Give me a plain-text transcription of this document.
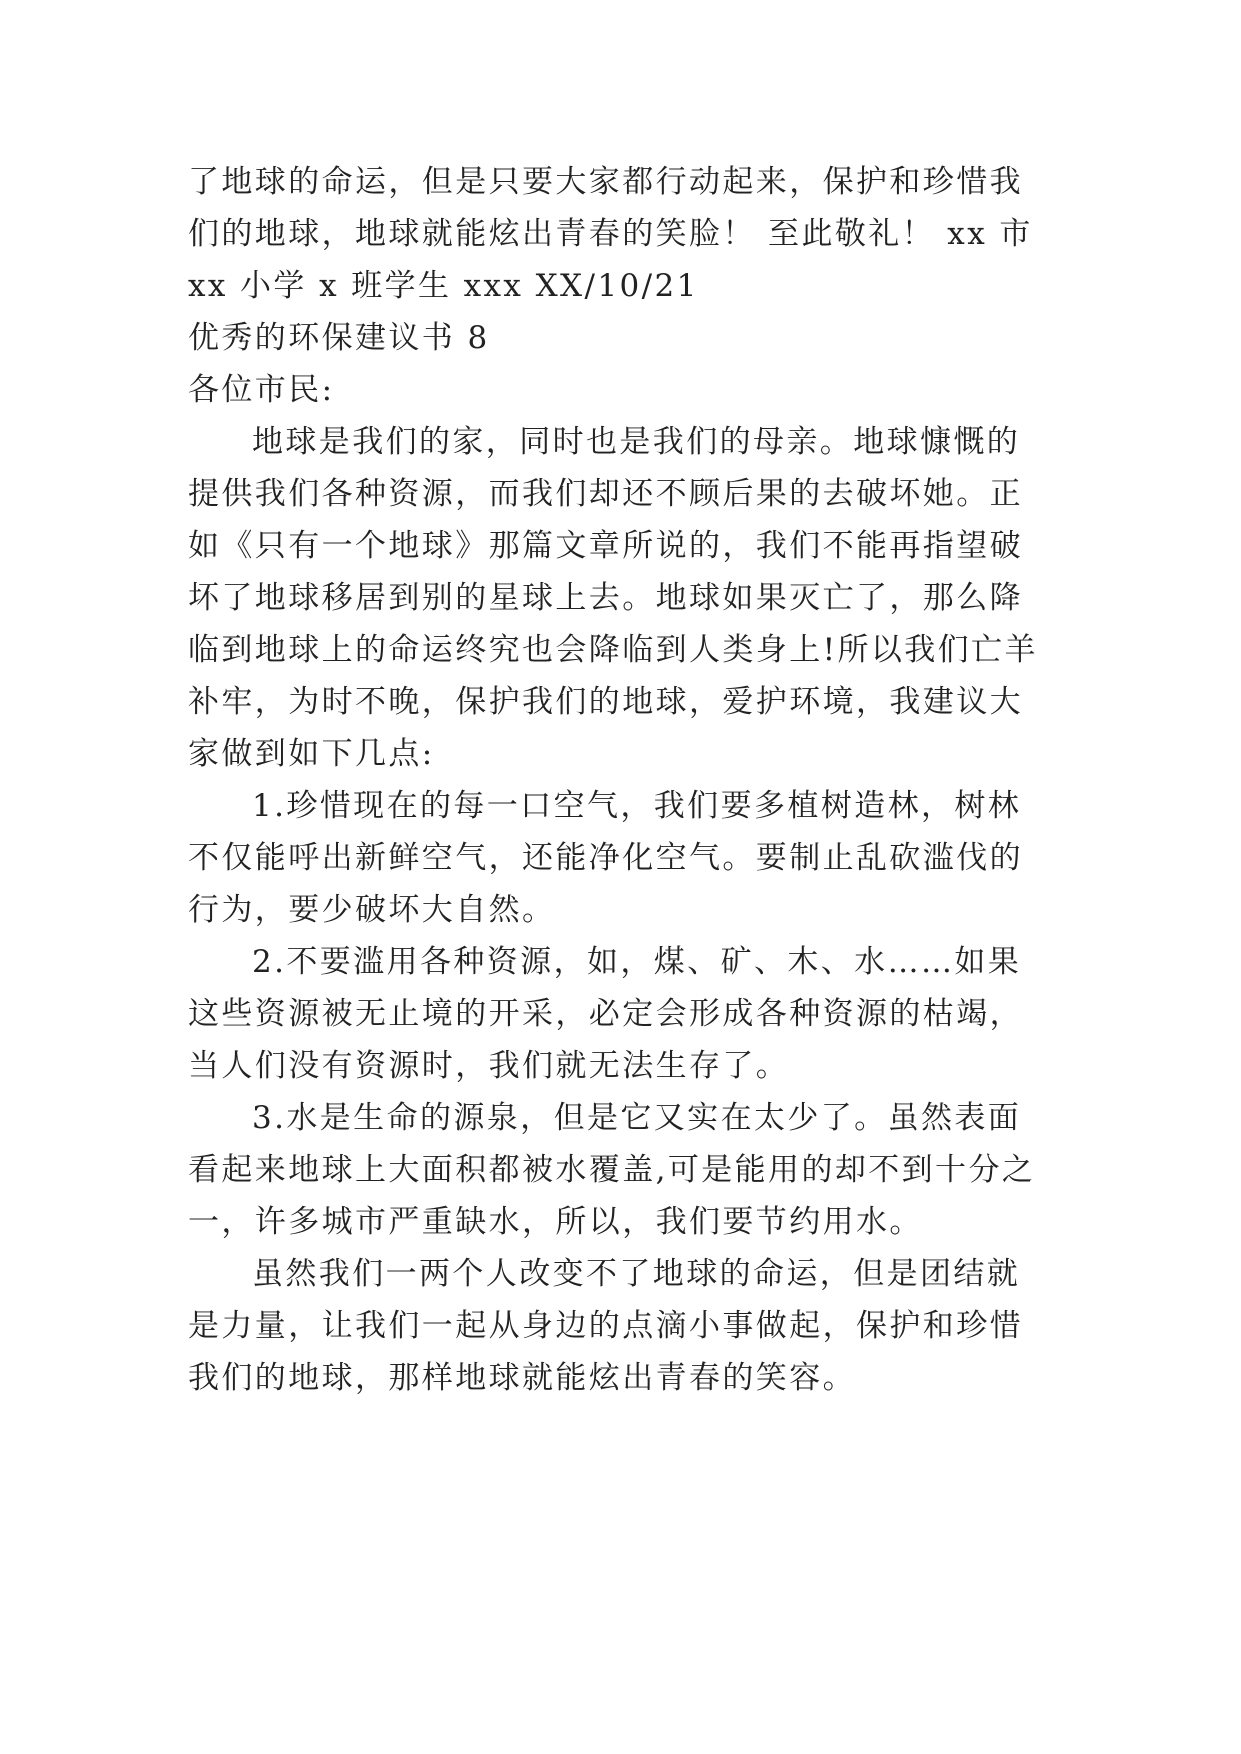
了地球的命运，但是只要大家都行动起来，保护和珍惜我们的地球，地球就能炫出青春的笑脸！ 至此敬礼！ xx 市 xx 小学 x 班学生 xxx XX/10/21

优秀的环保建议书 8

各位市民:

地球是我们的家，同时也是我们的母亲。地球慷慨的提供我们各种资源，而我们却还不顾后果的去破坏她。正如《只有一个地球》那篇文章所说的，我们不能再指望破坏了地球移居到别的星球上去。地球如果灭亡了，那么降临到地球上的命运终究也会降临到人类身上!所以我们亡羊补牢，为时不晚，保护我们的地球，爱护环境，我建议大家做到如下几点:

1.珍惜现在的每一口空气，我们要多植树造林，树林不仅能呼出新鲜空气，还能净化空气。要制止乱砍滥伐的行为，要少破坏大自然。

2.不要滥用各种资源，如，煤、矿、木、水……如果这些资源被无止境的开采，必定会形成各种资源的枯竭，当人们没有资源时，我们就无法生存了。

3.水是生命的源泉，但是它又实在太少了。虽然表面看起来地球上大面积都被水覆盖,可是能用的却不到十分之一，许多城市严重缺水，所以，我们要节约用水。

虽然我们一两个人改变不了地球的命运，但是团结就是力量，让我们一起从身边的点滴小事做起，保护和珍惜我们的地球，那样地球就能炫出青春的笑容。
